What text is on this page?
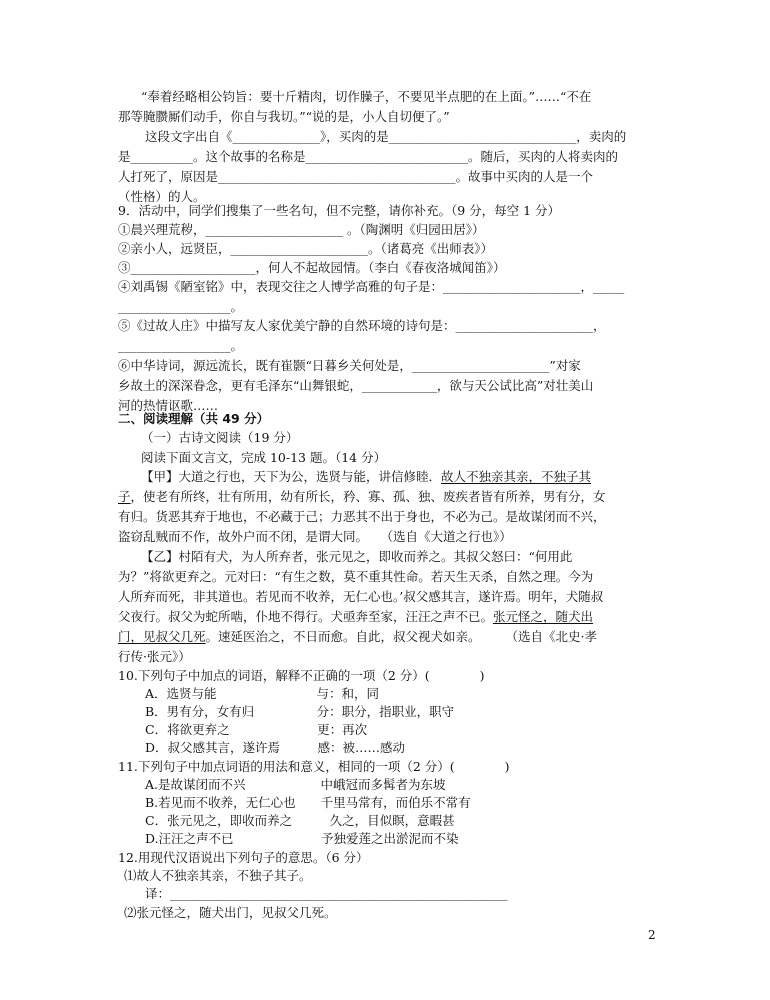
“奉着经略相公钧旨：要十斤精肉，切作臊子，不要见半点肥的在上面。”……“不在
那等腌臜厮们动手，你自与我切。”“说的是，小人自切便了。”
这段文字出自《______________》，买肉的是______________________________，卖肉的
是__________。这个故事的名称是__________________________。随后，买肉的人将卖肉的
人打死了，原因是______________________________________。故事中买肉的人是一个
（性格）的人。
9．活动中，同学们搜集了一些名句，但不完整，请你补充。（9 分，每空 1 分）
①晨兴理荒秽，______________________ 。（陶渊明《归园田居》）
②亲小人，远贤臣，______________________。（诸葛亮《出师表》）
③____________________，何人不起故园情。（李白《春夜洛城闻笛》）
④刘禹锡《陋室铭》中，表现交往之人博学高雅的句子是：______________________，_____
__________________。
⑤《过故人庄》中描写友人家优美宁静的自然环境的诗句是：______________________，
__________________。
⑥中华诗词，源远流长，既有崔颢“日暮乡关何处是，______________________”对家
乡故土的深深眷念，更有毛泽东“山舞银蛇，____________，欲与天公试比高”对壮美山
河的热情讴歌……
二、阅读理解（共 49 分）
（一）古诗文阅读（19 分）
阅读下面文言文，完成 10-13 题。（14 分）
【甲】大道之行也，天下为公，选贤与能，讲信修睦．故人不独亲其亲，不独子其
子，使老有所终，壮有所用，幼有所长，矜、寡、孤、独、废疾者皆有所养，男有分，女
有归。货恶其弃于地也，不必藏于己；力恶其不出于身也，不必为己。是故谋闭而不兴，
盗窃乱贼而不作，故外户而不闭，是谓大同。　　（选自《大道之行也》）
【乙】村陌有犬，为人所弃者，张元见之，即收而养之。其叔父怒曰：“何用此
为？”将欲更弃之。元对曰：“有生之数，莫不重其性命。若天生天杀，自然之理。今为
人所弃而死，非其道也。若见而不收养，无仁心也。’叔父感其言，遂许焉。明年，犬随叔
父夜行。叔父为蛇所啮，仆地不得行。犬亟奔至家，汪汪之声不已。张元怪之，随犬出
门，见叔父几死。速延医治之，不日而愈。自此，叔父视犬如亲。　　　（选自《北史·孝
行传·张元》）
10.下列句子中加点的词语，解释不正确的一项（2 分）(　　　　)
A．选贤与能　　　　　　　　与：和，同
B．男有分，女有归　　　　　分：职分，指职业，职守
C．将欲更弃之　　　　　　　更：再次
D．叔父感其言，遂许焉　　　感：被……感动
11.下列句子中加点词语的用法和意义，相同的一项（2 分）(　　　　)
A.是故谋闭而不兴　　　　　　中峨冠而多髯者为东坡
B.若见而不收养，无仁心也　　千里马常有，而伯乐不常有
C．张元见之，即收而养之　　　久之，目似瞑，意暇甚
D.汪汪之声不已　　　　　　　予独爱莲之出淤泥而不染
12.用现代汉语说出下列句子的意思。（6 分）
⑴故人不独亲其亲，不独子其子。
译：______________________________________________________
⑵张元怪之，随犬出门，见叔父几死。
2
